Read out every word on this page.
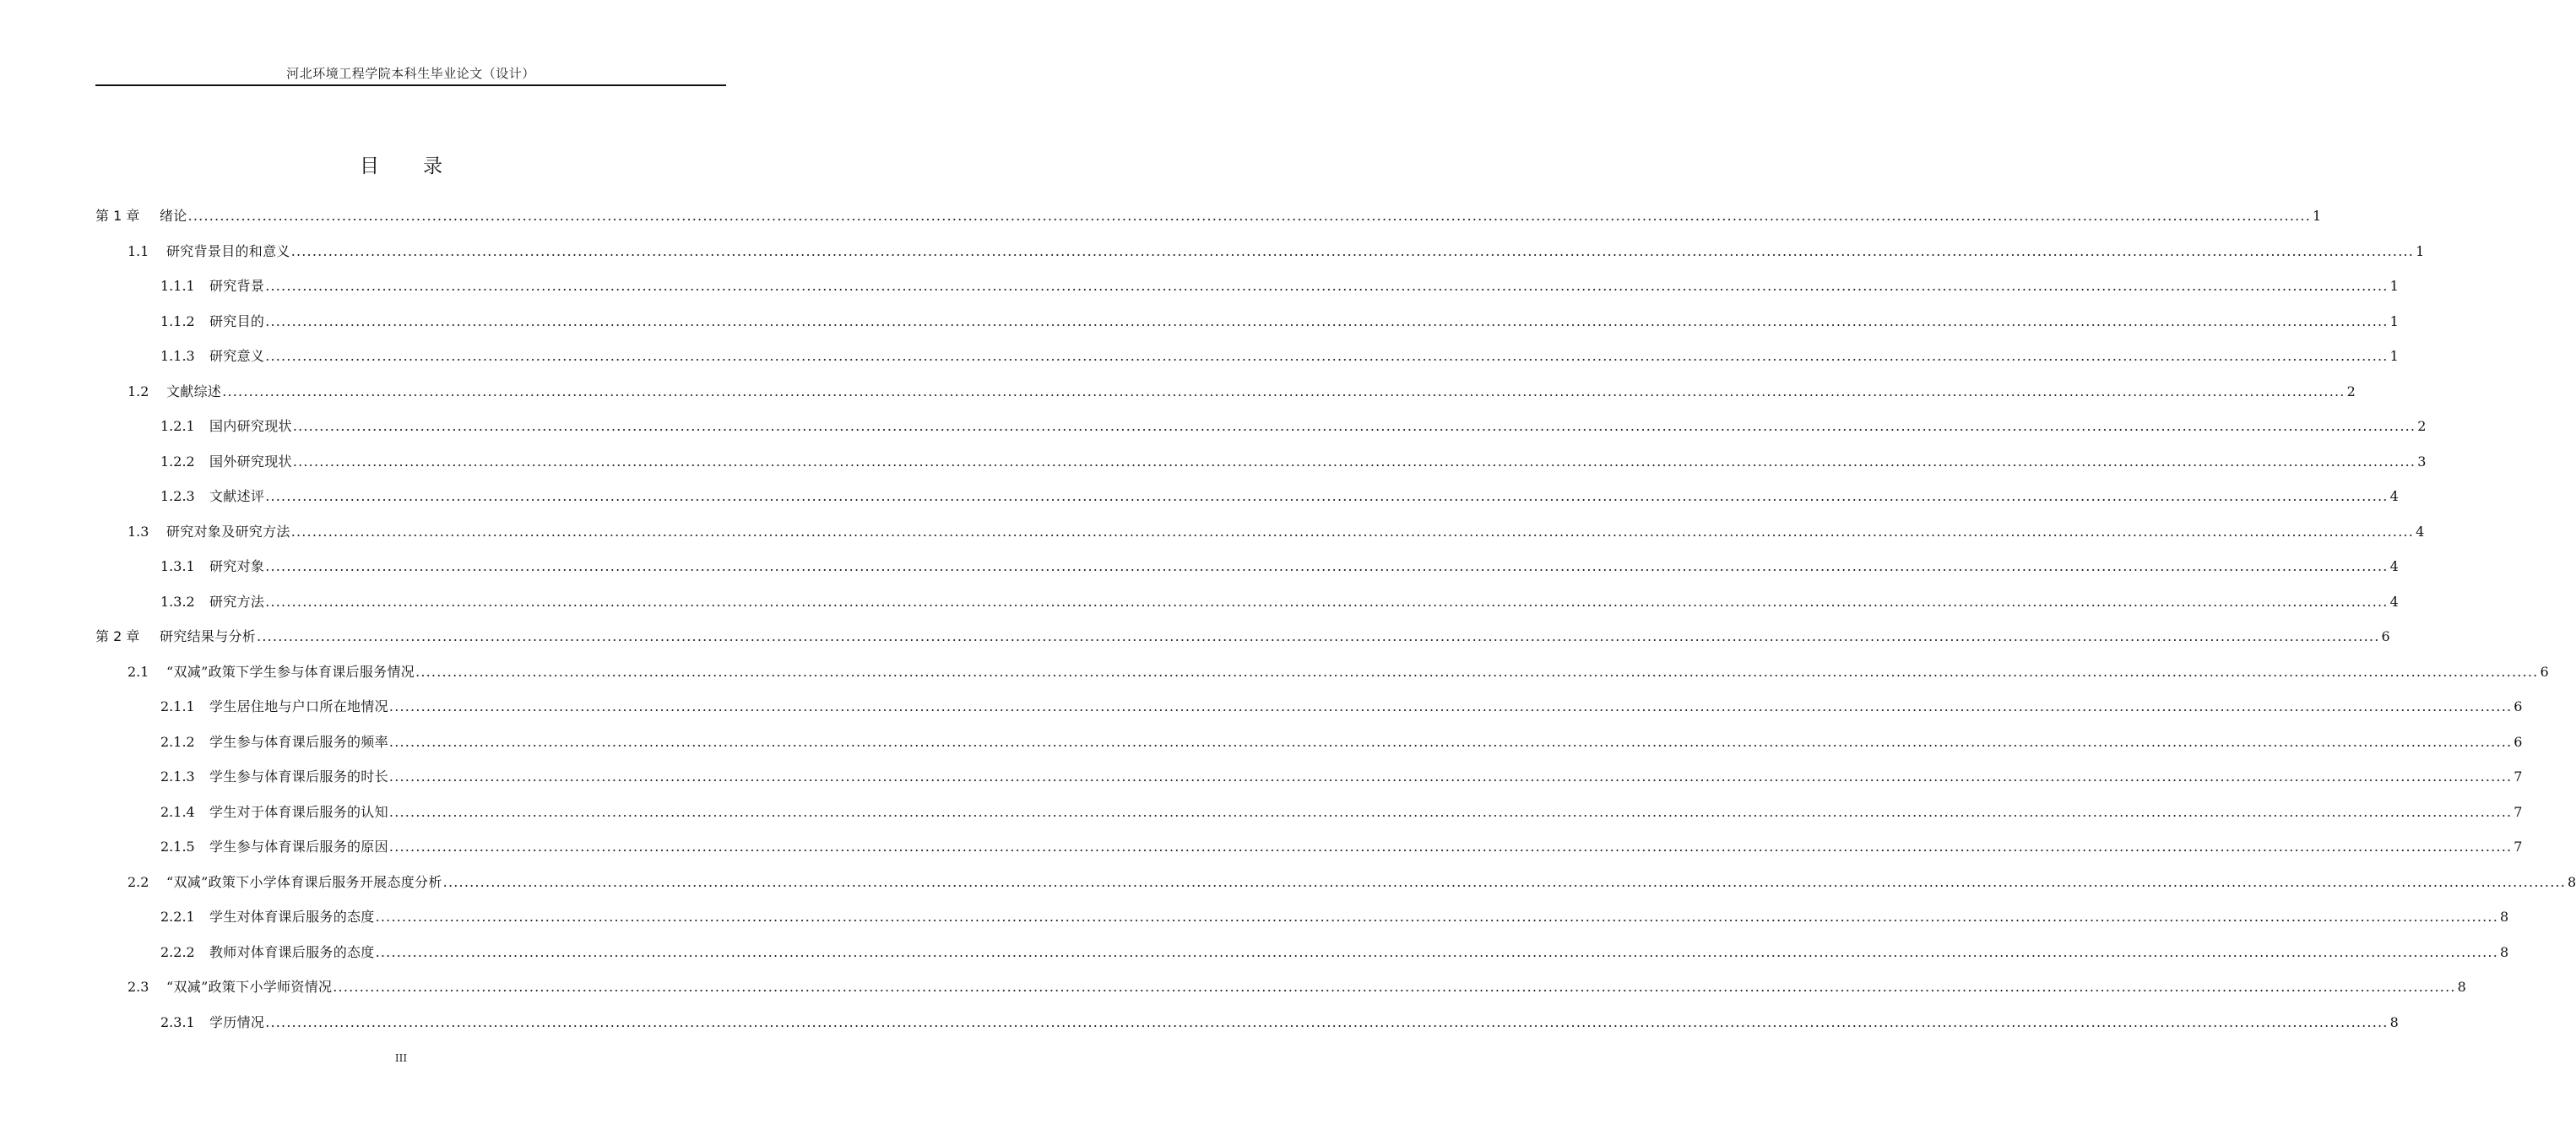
河北环境工程学院本科生毕业论文（设计）
目 录
第 1 章	绪论 ................................................................................................................................................................................................................................................................................................................................................................................................................ 1
1.1	研究背景目的和意义 ................................................................................................................................................................................................................................................................................................................................................................................................................ 1
1.1.1	研究背景 ................................................................................................................................................................................................................................................................................................................................................................................................................ 1
1.1.2	研究目的 ................................................................................................................................................................................................................................................................................................................................................................................................................ 1
1.1.3	研究意义 ................................................................................................................................................................................................................................................................................................................................................................................................................ 1
1.2	文献综述 ................................................................................................................................................................................................................................................................................................................................................................................................................ 2
1.2.1	国内研究现状 ................................................................................................................................................................................................................................................................................................................................................................................................................ 2
1.2.2	国外研究现状 ................................................................................................................................................................................................................................................................................................................................................................................................................ 3
1.2.3	文献述评 ................................................................................................................................................................................................................................................................................................................................................................................................................ 4
1.3	研究对象及研究方法 ................................................................................................................................................................................................................................................................................................................................................................................................................ 4
1.3.1	研究对象 ................................................................................................................................................................................................................................................................................................................................................................................................................ 4
1.3.2	研究方法 ................................................................................................................................................................................................................................................................................................................................................................................................................ 4
第 2 章	研究结果与分析 ................................................................................................................................................................................................................................................................................................................................................................................................................ 6
2.1	“双减”政策下学生参与体育课后服务情况 ................................................................................................................................................................................................................................................................................................................................................................................................................ 6
2.1.1	学生居住地与户口所在地情况 ................................................................................................................................................................................................................................................................................................................................................................................................................ 6
2.1.2	学生参与体育课后服务的频率 ................................................................................................................................................................................................................................................................................................................................................................................................................ 6
2.1.3	学生参与体育课后服务的时长 ................................................................................................................................................................................................................................................................................................................................................................................................................ 7
2.1.4	学生对于体育课后服务的认知 ................................................................................................................................................................................................................................................................................................................................................................................................................ 7
2.1.5	学生参与体育课后服务的原因 ................................................................................................................................................................................................................................................................................................................................................................................................................ 7
2.2	“双减”政策下小学体育课后服务开展态度分析 ................................................................................................................................................................................................................................................................................................................................................................................................................ 8
2.2.1	学生对体育课后服务的态度 ................................................................................................................................................................................................................................................................................................................................................................................................................ 8
2.2.2	教师对体育课后服务的态度 ................................................................................................................................................................................................................................................................................................................................................................................................................ 8
2.3	“双减”政策下小学师资情况 ................................................................................................................................................................................................................................................................................................................................................................................................................ 8
2.3.1	学历情况 ................................................................................................................................................................................................................................................................................................................................................................................................................ 8
III
